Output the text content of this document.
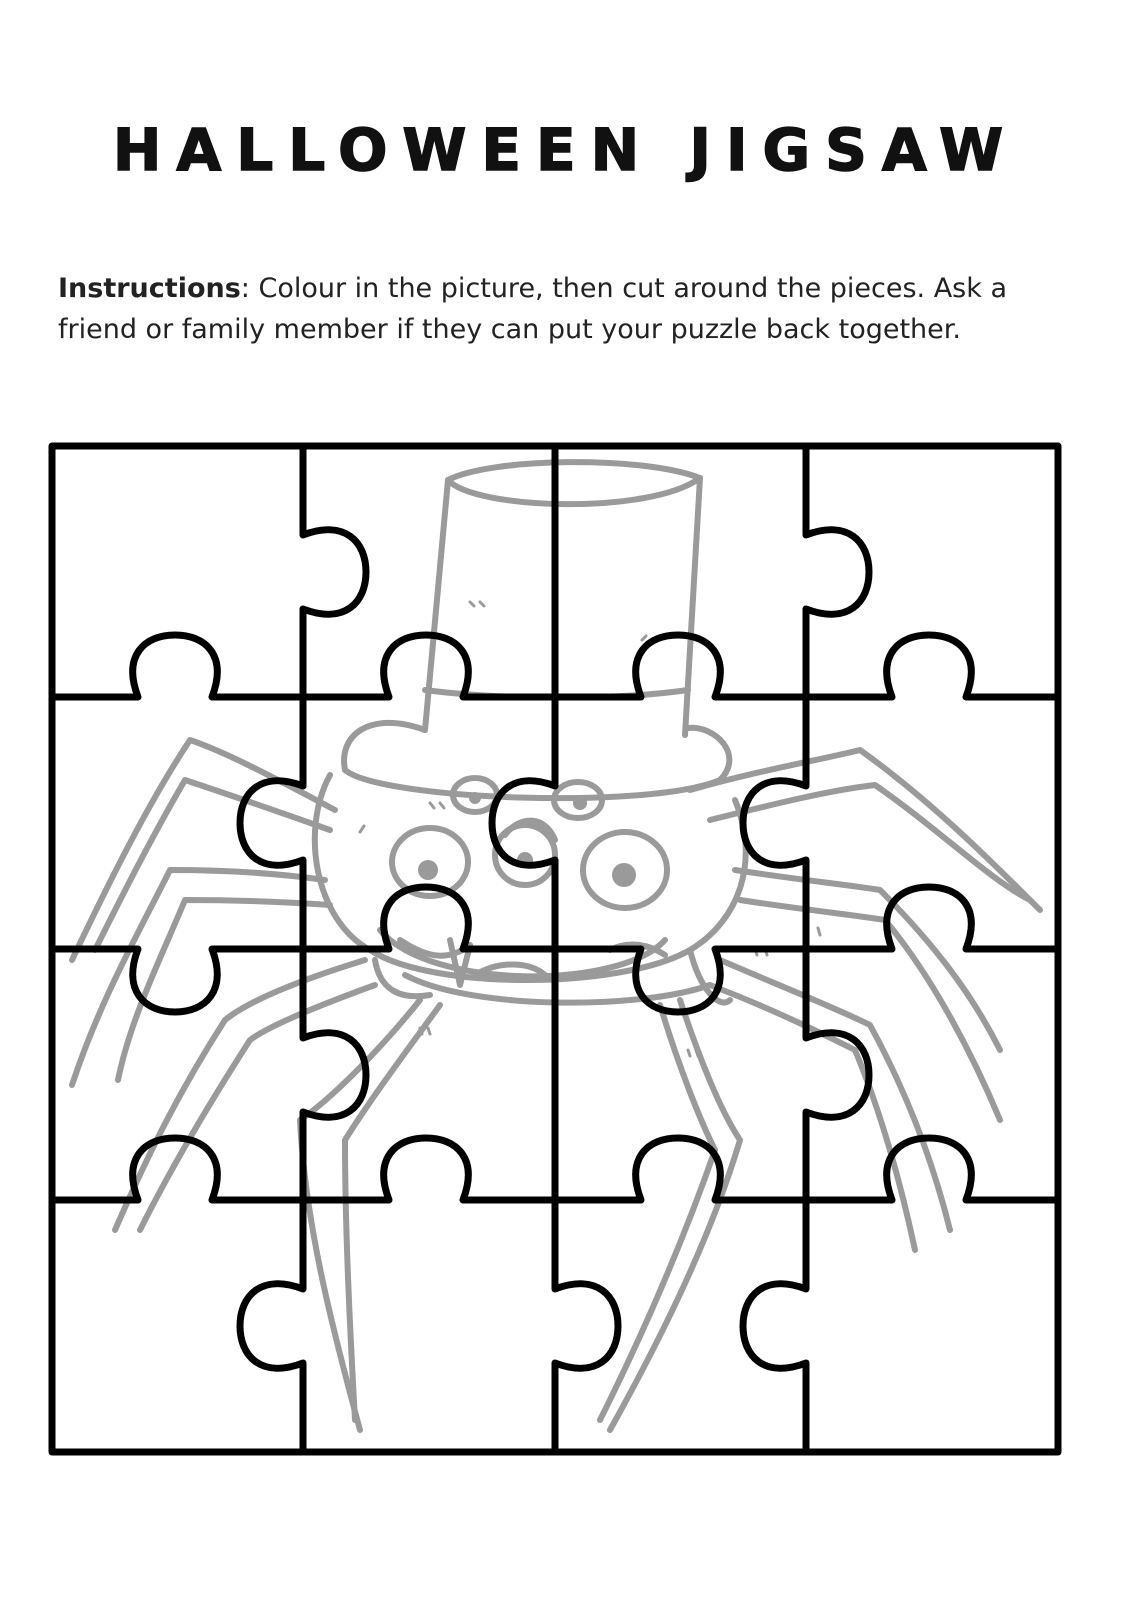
HALLOWEEN JIGSAW
Instructions: Colour in the picture, then cut around the pieces. Ask a friend or family member if they can put your puzzle back together.
